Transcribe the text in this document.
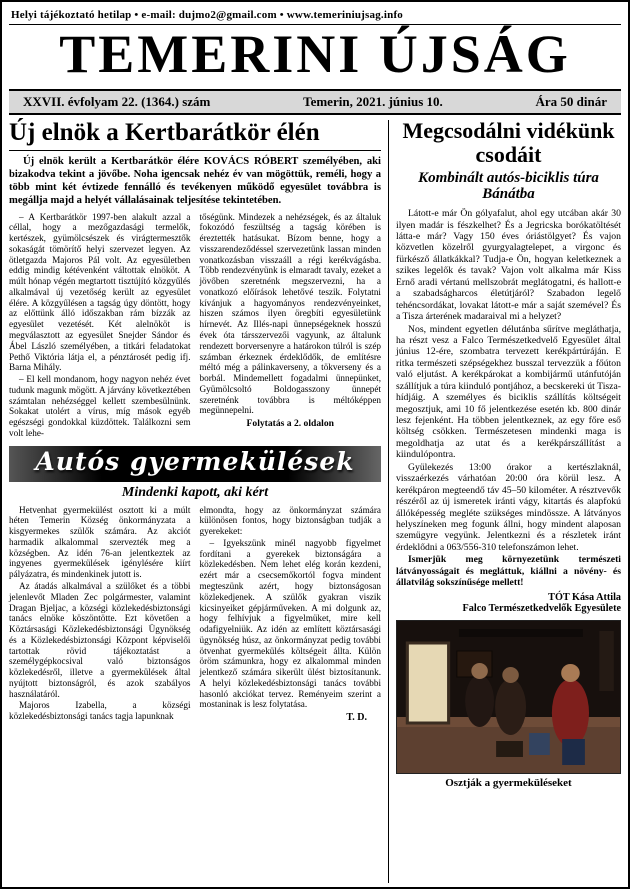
Helyi tájékoztató hetilap • e-mail: dujmo2@gmail.com • www.temeriniujsag.info
TEMERINI ÚJSÁG
XXVII. évfolyam 22. (1364.) szám	Temerin, 2021. június 10.	Ára 50 dinár
Új elnök a Kertbarátkör élén

Új elnök került a Kertbarátkör élére KOVÁCS RÓBERT személyében, aki bizakodva tekint a jövőbe. Noha igencsak nehéz év van mögöttük, reméli, hogy a több mint két évtizede fennálló és tevékenyen működő egyesület továbbra is megállja majd a helyét vállalásainak teljesítése tekintetében.

– A Kertbarátkör 1997-ben alakult azzal a céllal, hogy a mezőgazdasági termelők, kertészek, gyümölcsészek és virágtermesztők sokaságát tömörítő helyi szervezet legyen. Az ötletgazda Majoros Pál volt. Az egyesületben eddig mindig kétévenként váltottak elnököt. A múlt hónap végén megtartott tisztújító közgyűlés alkalmával új vezetőség került az egyesület élére. A közgyűlésen a tagság úgy döntött, hogy az előttünk álló időszakban rám bízzák az egyesület vezetését. Két alelnököt is megválasztott az egyesület Snejder Sándor és Ábel László személyében, a titkári feladatokat Pethő Viktória látja el, a pénztárosét pedig ifj. Barna Mihály.

– El kell mondanom, hogy nagyon nehéz évet tudunk magunk mögött. A járvány következtében számtalan nehézséggel kellett szembesülnünk. Sokakat utolért a vírus, míg mások egyéb egészségi gondokkal küzdöttek. Találkozni sem volt lehe-

tőségünk. Mindezek a nehézségek, és az általuk fokozódó feszültség a tagság körében is éreztették hatásukat. Bízom benne, hogy a visszarendeződéssel szervezetünk lassan minden vonatkozásban visszaáll a régi kerékvágásba. Több rendezvényünk is elmaradt tavaly, ezeket a jövőben szeretnénk megszervezni, ha a vonatkozó előírások lehetővé teszik. Folytatni kívánjuk a hagyományos rendezvényeinket, hiszen számos ilyen öregbíti egyesületünk hírnevét. Az Illés-napi ünnepségeknek hosszú évek óta társszervezői vagyunk, az általunk rendezett borversenyre a határokon túlról is szép számban érkeznek érdeklődők, de említésre méltó még a pálinkaverseny, a tökverseny és a borbál. Mindemellett fogadalmi ünnepünket, Gyümölcsoltó Boldogasszony ünnepét szeretnénk továbbra is méltóképpen megünnepelni.

Folytatás a 2. oldalon
Autós gyermekülések
Mindenki kapott, aki kért

Hetvenhat gyermekülést osztott ki a múlt héten Temerin Község önkormányzata a kisgyermekes szülők számára. Az akciót harmadik alkalommal szervezték meg a községben. Az idén 76-an jelentkeztek az ingyenes gyermekülések igénylésére kiírt pályázatra, és mindenkinek jutott is.

Az átadás alkalmával a szülőket és a többi jelenlevőt Mladen Zec polgármester, valamint Dragan Bjeljac, a községi közlekedésbiztonsági tanács elnöke köszöntötte. Ezt követően a Köztársasági Közlekedésbiztonsági Ügynökség és a Közlekedésbiztonsági Központ képviselői tartottak rövid tájékoztatást a személygépkocsival való biztonságos közlekedésről, illetve a gyermekülések által nyújtott biztonságról, és azok szabályos használatáról.

Majoros Izabella, a községi közlekedésbiztonsági tanács tagja lapunknak

elmondta, hogy az önkormányzat számára különösen fontos, hogy biztonságban tudják a gyerekeket:

– Igyekszünk minél nagyobb figyelmet fordítani a gyerekek biztonságára a közlekedésben. Nem lehet elég korán kezdeni, ezért már a csecsemőkortól fogva mindent megteszünk azért, hogy biztonságosan közlekedjenek. A szülők gyakran viszik kicsinyeiket gépjárműveken. A mi dolgunk az, hogy felhívjuk a figyelmüket, mire kell odafigyelniük. Az idén az említett köztársasági ügynökség húsz, az önkormányzat pedig további ötvenhat gyermekülés költségeit állta. Külön öröm számunkra, hogy ez alkalommal minden jelentkező számára sikerült ülést biztosítanunk. A helyi közlekedésbiztonsági tanács további hasonló akciókat tervez. Reményeim szerint a mostaninak is lesz folytatása.

T. D.
Megcsodálni vidékünk csodáit
Kombinált autós-biciklis túra Bánátba

Látott-e már Ön gólyafalut, ahol egy utcában akár 30 ilyen madár is fészkelhet? És a Jegricska borókatöltését látta-e már? Vagy 150 éves óriástölgyet? És vajon közvetlen közelről gyurgyalagtelepet, a virgonc és fürkésző állatkákkal? Tudja-e Ön, hogyan keletkeznek a szikes legelők és tavak? Vajon volt alkalma már Kiss Ernő aradi vértanú mellszobrát meglátogatni, és hallott-e a szabadságharcos életútjáról? Szabadon legelő tehéncsordákat, lovakat látott-e már a saját szemével? És a Tisza árterének madaraival mi a helyzet?

Nos, mindent egyetlen délutánba sűrítve megláthatja, ha részt vesz a Falco Természetkedvelő Egyesület által június 12-ére, szombatra tervezett kerékpártúráján. E ritka természeti szépségekhez busszal tervezzük a főúton való eljutást. A kerékpárokat a kombijármű utánfutóján szállítjuk a túra kiinduló pontjához, a becskereki út Tisza-hídjáig. A személyes és biciklis szállítás költségeit megosztjuk, ami 10 fő jelentkezése esetén kb. 800 dinár lesz fejenként. Ha többen jelentkeznek, az egy főre eső költség csökken. Természetesen mindenki maga is megoldhatja az utat és a kerékpárszállítást a kiindulópontra.

Gyülekezés 13:00 órakor a kertészlaknál, visszaérkezés várhatóan 20:00 óra körül lesz. A kerékpáron megteendő táv 45–50 kilométer. A résztvevők részéről az új ismeretek iránti vágy, kitartás és alapfokú állóképesség megléte szükséges mindössze. A látványos helyszíneken meg fogunk állni, hogy mindent alaposan szemügyre vegyünk. Jelentkezni és a részletek iránt érdeklődni a 063/556-310 telefonszámon lehet.

Ismerjük meg környezetünk természeti látványosságait és megláttuk, kiállni a növény- és állatvilág sokszínűsége mellett!

TÓT Kása Attila
Falco Természetkedvelők Egyesülete
Osztják a gyermeküléseket
